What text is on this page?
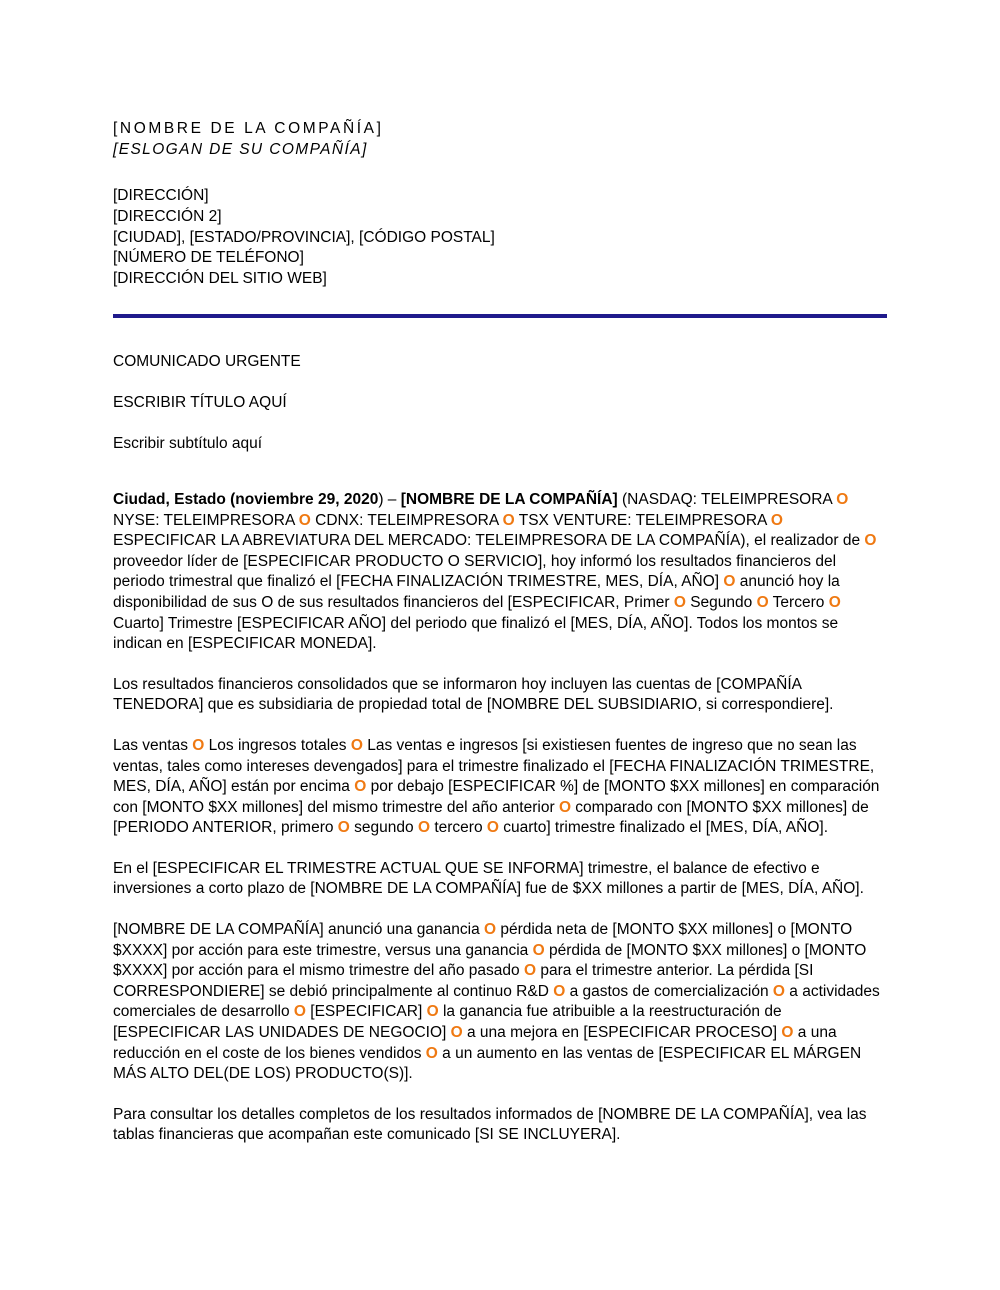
[NOMBRE DE LA COMPAÑÍA]
[ESLOGAN DE SU COMPAÑÍA]
[DIRECCIÓN]
[DIRECCIÓN 2]
[CIUDAD], [ESTADO/PROVINCIA], [CÓDIGO POSTAL]
[NÚMERO DE TELÉFONO]
[DIRECCIÓN DEL SITIO WEB]
COMUNICADO URGENTE
ESCRIBIR TÍTULO AQUÍ
Escribir subtítulo aquí

Ciudad, Estado (noviembre 29, 2020) – [NOMBRE DE LA COMPAÑÍA] (NASDAQ: TELEIMPRESORA O NYSE: TELEIMPRESORA O CDNX: TELEIMPRESORA O TSX VENTURE: TELEIMPRESORA O ESPECIFICAR LA ABREVIATURA DEL MERCADO: TELEIMPRESORA DE LA COMPAÑÍA), el realizador de O proveedor líder de [ESPECIFICAR PRODUCTO O SERVICIO], hoy informó los resultados financieros del periodo trimestral que finalizó el [FECHA FINALIZACIÓN TRIMESTRE, MES, DÍA, AÑO] O anunció hoy la disponibilidad de sus O de sus resultados financieros del [ESPECIFICAR, Primer O Segundo O Tercero O Cuarto] Trimestre [ESPECIFICAR AÑO] del periodo que finalizó el [MES, DÍA, AÑO]. Todos los montos se indican en [ESPECIFICAR MONEDA].

Los resultados financieros consolidados que se informaron hoy incluyen las cuentas de [COMPAÑÍA TENEDORA] que es subsidiaria de propiedad total de [NOMBRE DEL SUBSIDIARIO, si correspondiere].

Las ventas O Los ingresos totales O Las ventas e ingresos [si existiesen fuentes de ingreso que no sean las ventas, tales como intereses devengados] para el trimestre finalizado el [FECHA FINALIZACIÓN TRIMESTRE, MES, DÍA, AÑO] están por encima O por debajo [ESPECIFICAR %] de [MONTO $XX millones] en comparación con [MONTO $XX millones] del mismo trimestre del año anterior O comparado con [MONTO $XX millones] de [PERIODO ANTERIOR, primero O segundo O tercero O cuarto] trimestre finalizado el [MES, DÍA, AÑO].

En el [ESPECIFICAR EL TRIMESTRE ACTUAL QUE SE INFORMA] trimestre, el balance de efectivo e inversiones a corto plazo de [NOMBRE DE LA COMPAÑÍA] fue de $XX millones a partir de [MES, DÍA, AÑO].

[NOMBRE DE LA COMPAÑÍA] anunció una ganancia O pérdida neta de [MONTO $XX millones] o [MONTO $XXXX] por acción para este trimestre, versus una ganancia O pérdida de [MONTO $XX millones] o [MONTO $XXXX] por acción para el mismo trimestre del año pasado O para el trimestre anterior. La pérdida [SI CORRESPONDIERE] se debió principalmente al continuo R&D O a gastos de comercialización O a actividades comerciales de desarrollo O [ESPECIFICAR] O la ganancia fue atribuible a la reestructuración de [ESPECIFICAR LAS UNIDADES DE NEGOCIO] O a una mejora en [ESPECIFICAR PROCESO] O a una reducción en el coste de los bienes vendidos O a un aumento en las ventas de [ESPECIFICAR EL MÁRGEN MÁS ALTO DEL(DE LOS) PRODUCTO(S)].

Para consultar los detalles completos de los resultados informados de [NOMBRE DE LA COMPAÑÍA], vea las tablas financieras que acompañan este comunicado [SI SE INCLUYERA].
